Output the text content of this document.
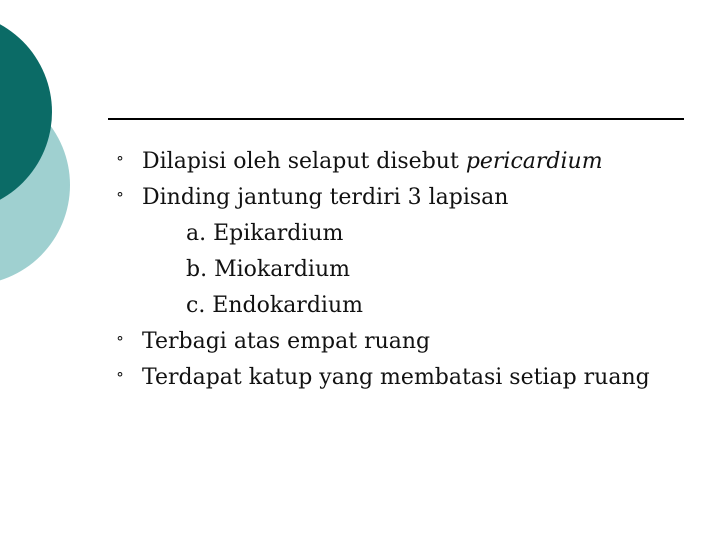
° Dilapisi oleh selaput disebut pericardium
° Dinding jantung terdiri 3 lapisan
a. Epikardium
b. Miokardium
c. Endokardium
° Terbagi atas empat ruang
° Terdapat katup yang membatasi setiap ruang
